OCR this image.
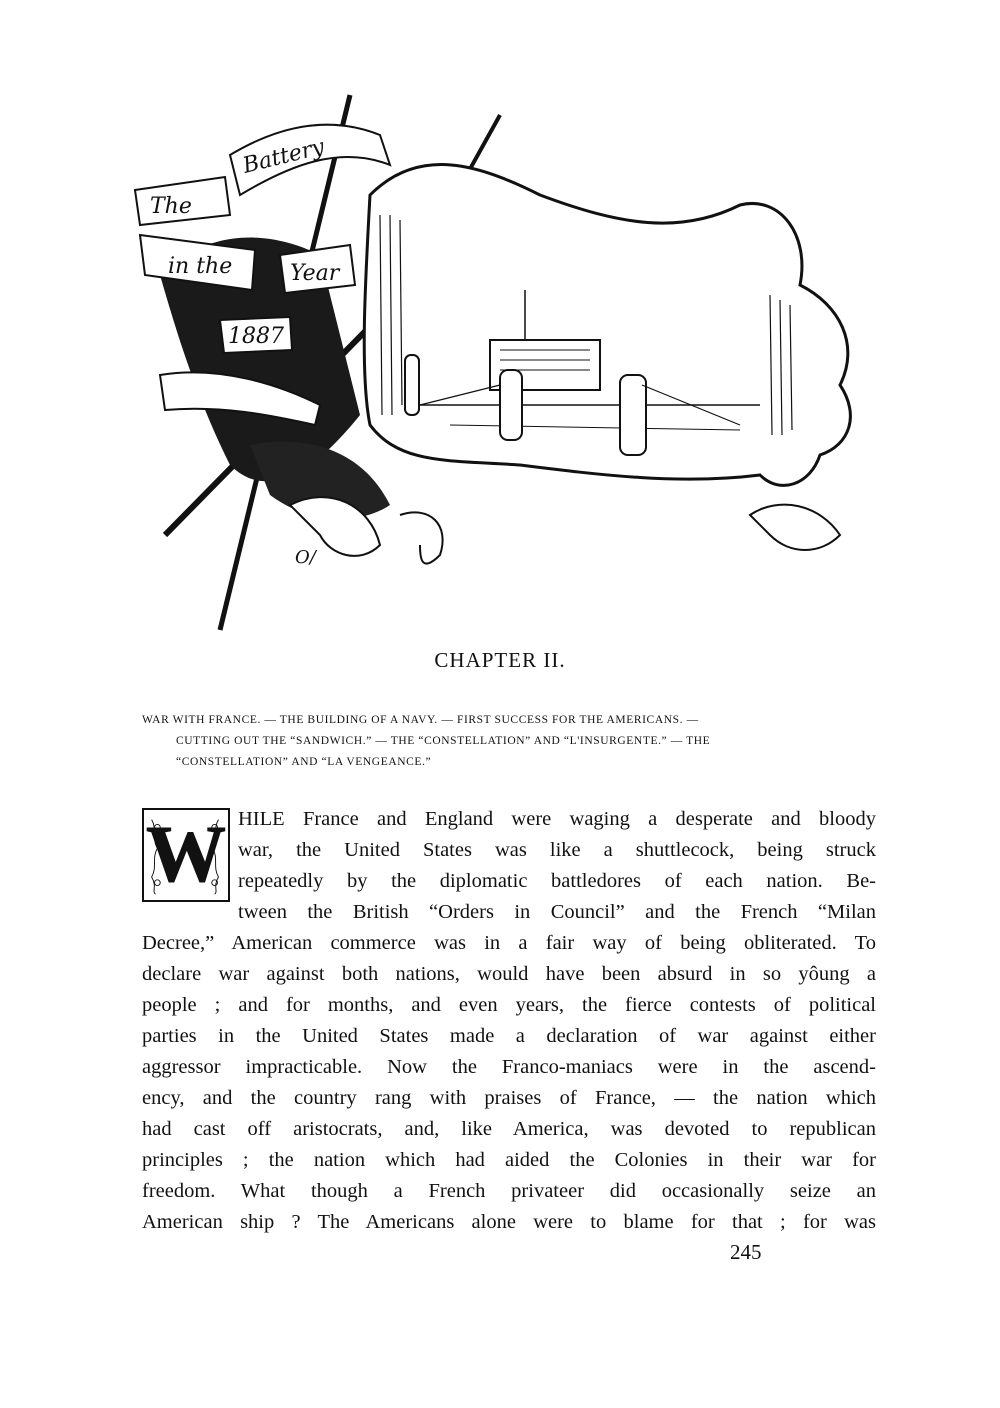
The
Battery
in the	Year
1887
O/
CHAPTER II.
WAR WITH FRANCE. — THE BUILDING OF A NAVY. — FIRST SUCCESS FOR THE AMERICANS. —
CUTTING OUT THE “SANDWICH.” — THE “CONSTELLATION” AND “L'INSURGENTE.” — THE
“CONSTELLATION” AND “LA VENGEANCE.”
W HILE France and England were waging a desperate and bloody
war, the United States was like a shuttlecock, being struck
repeatedly by the diplomatic battledores of each nation. Be-
tween the British “Orders in Council” and the French “Milan
Decree,” American commerce was in a fair way of being obliterated. To
declare war against both nations, would have been absurd in so yôung a
people ; and for months, and even years, the fierce contests of political
parties in the United States made a declaration of war against either
aggressor impracticable. Now the Franco-maniacs were in the ascend-
ency, and the country rang with praises of France, — the nation which
had cast off aristocrats, and, like America, was devoted to republican
principles ; the nation which had aided the Colonies in their war for
freedom. What though a French privateer did occasionally seize an
American ship ? The Americans alone were to blame for that ; for was
245
